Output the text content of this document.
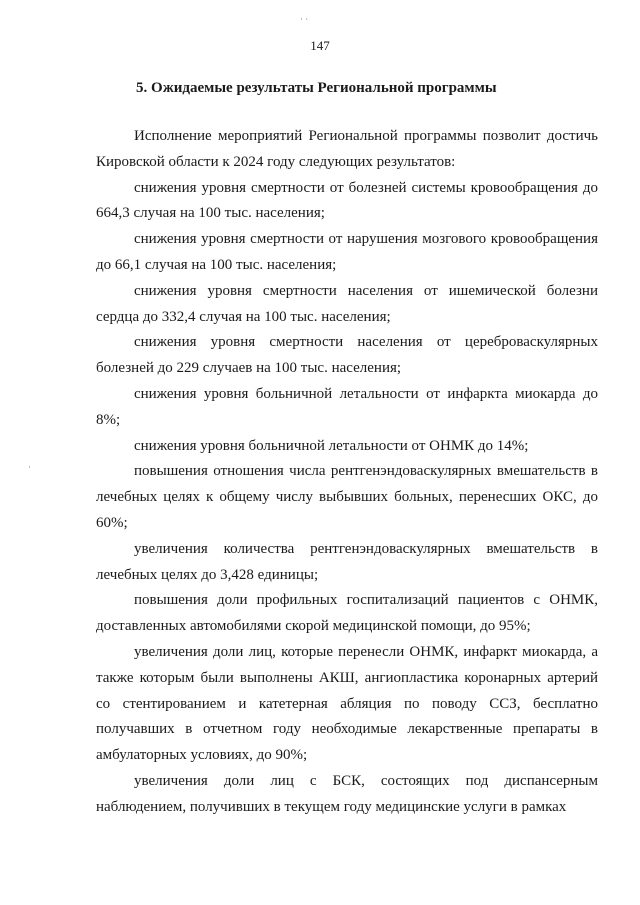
· ·
·
147
5. Ожидаемые результаты Региональной программы

Исполнение мероприятий Региональной программы позволит достичь Кировской области к 2024 году следующих результатов:

снижения уровня смертности от болезней системы кровообращения до 664,3 случая на 100 тыс. населения;

снижения уровня смертности от нарушения мозгового кровообращения до 66,1 случая на 100 тыс. населения;

снижения уровня смертности населения от ишемической болезни сердца до 332,4 случая на 100 тыс. населения;

снижения уровня смертности населения от цереброваскулярных болезней до 229 случаев на 100 тыс. населения;

снижения уровня больничной летальности от инфаркта миокарда до 8%;

снижения уровня больничной летальности от ОНМК до 14%;

повышения отношения числа рентгенэндоваскулярных вмешательств в лечебных целях к общему числу выбывших больных, перенесших ОКС, до 60%;

увеличения количества рентгенэндоваскулярных вмешательств в лечебных целях до 3,428 единицы;

повышения доли профильных госпитализаций пациентов с ОНМК, доставленных автомобилями скорой медицинской помощи, до 95%;

увеличения доли лиц, которые перенесли ОНМК, инфаркт миокарда, а также которым были выполнены АКШ, ангиопластика коронарных артерий со стентированием и катетерная абляция по поводу ССЗ, бесплатно получавших в отчетном году необходимые лекарственные препараты в амбулаторных условиях, до 90%;

увеличения доли лиц с БСК, состоящих под диспансерным наблюдением, получивших в текущем году медицинские услуги в рамках
